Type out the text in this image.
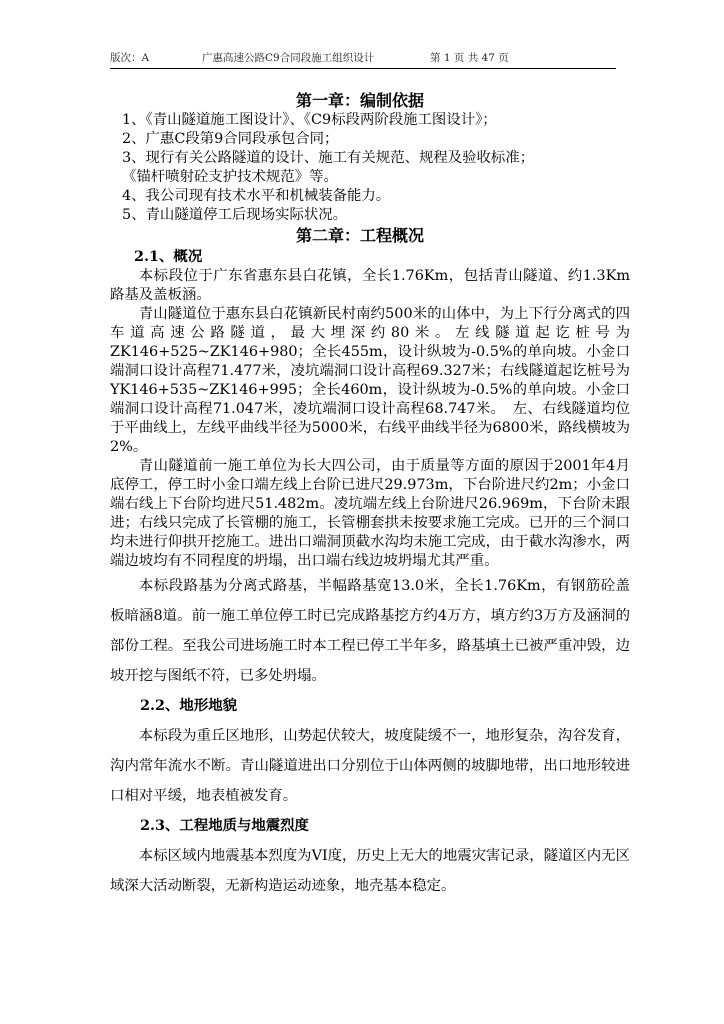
版次：A	广惠高速公路C9合同段施工组织设计	第 1 页 共 47 页
第一章：编制依据
1、《青山隧道施工图设计》、《C9标段两阶段施工图设计》；
2、广惠C段第9合同段承包合同；
3、现行有关公路隧道的设计、施工有关规范、规程及验收标准；
《锚杆喷射砼支护技术规范》等。
4、我公司现有技术水平和机械装备能力。
5、青山隧道停工后现场实际状况。
第二章：工程概况
2.1、概况

本标段位于广东省惠东县白花镇，全长1.76Km，包括青山隧道、约1.3Km路基及盖板涵。

青山隧道位于惠东县白花镇新民村南约500米的山体中，为上下行分离式的四车道高速公路隧道，最大埋深约80米。左线隧道起讫桩号为ZK146+525~ZK146+980；全长455m，设计纵坡为-0.5%的单向坡。小金口端洞口设计高程71.477米，凌坑端洞口设计高程69.327米；右线隧道起讫桩号为YK146+535~ZK146+995；全长460m，设计纵坡为-0.5%的单向坡。小金口端洞口设计高程71.047米，凌坑端洞口设计高程68.747米。　左、右线隧道均位于平曲线上，左线平曲线半径为5000米，右线平曲线半径为6800米，路线横坡为2%。

青山隧道前一施工单位为长大四公司，由于质量等方面的原因于2001年4月底停工，停工时小金口端左线上台阶已进尺29.973m，下台阶进尺约2m；小金口端右线上下台阶均进尺51.482m。凌坑端左线上台阶进尺26.969m，下台阶未跟进；右线只完成了长管棚的施工，长管棚套拱未按要求施工完成。已开的三个洞口均未进行仰拱开挖施工。进出口端洞顶截水沟均未施工完成，由于截水沟渗水，两端边坡均有不同程度的坍塌，出口端右线边坡坍塌尤其严重。

本标段路基为分离式路基，半幅路基宽13.0米，全长1.76Km，有钢筋砼盖板暗涵8道。前一施工单位停工时已完成路基挖方约4万方，填方约3万方及涵洞的部份工程。至我公司进场施工时本工程已停工半年多，路基填土已被严重冲毁，边坡开挖与图纸不符，已多处坍塌。

2.2、地形地貌

本标段为重丘区地形，山势起伏较大，坡度陡缓不一，地形复杂，沟谷发育，沟内常年流水不断。青山隧道进出口分别位于山体两侧的坡脚地带，出口地形较进口相对平缓，地表植被发育。

2.3、工程地质与地震烈度

本标区域内地震基本烈度为VI度，历史上无大的地震灾害记录，隧道区内无区域深大活动断裂，无新构造运动迹象，地壳基本稳定。
